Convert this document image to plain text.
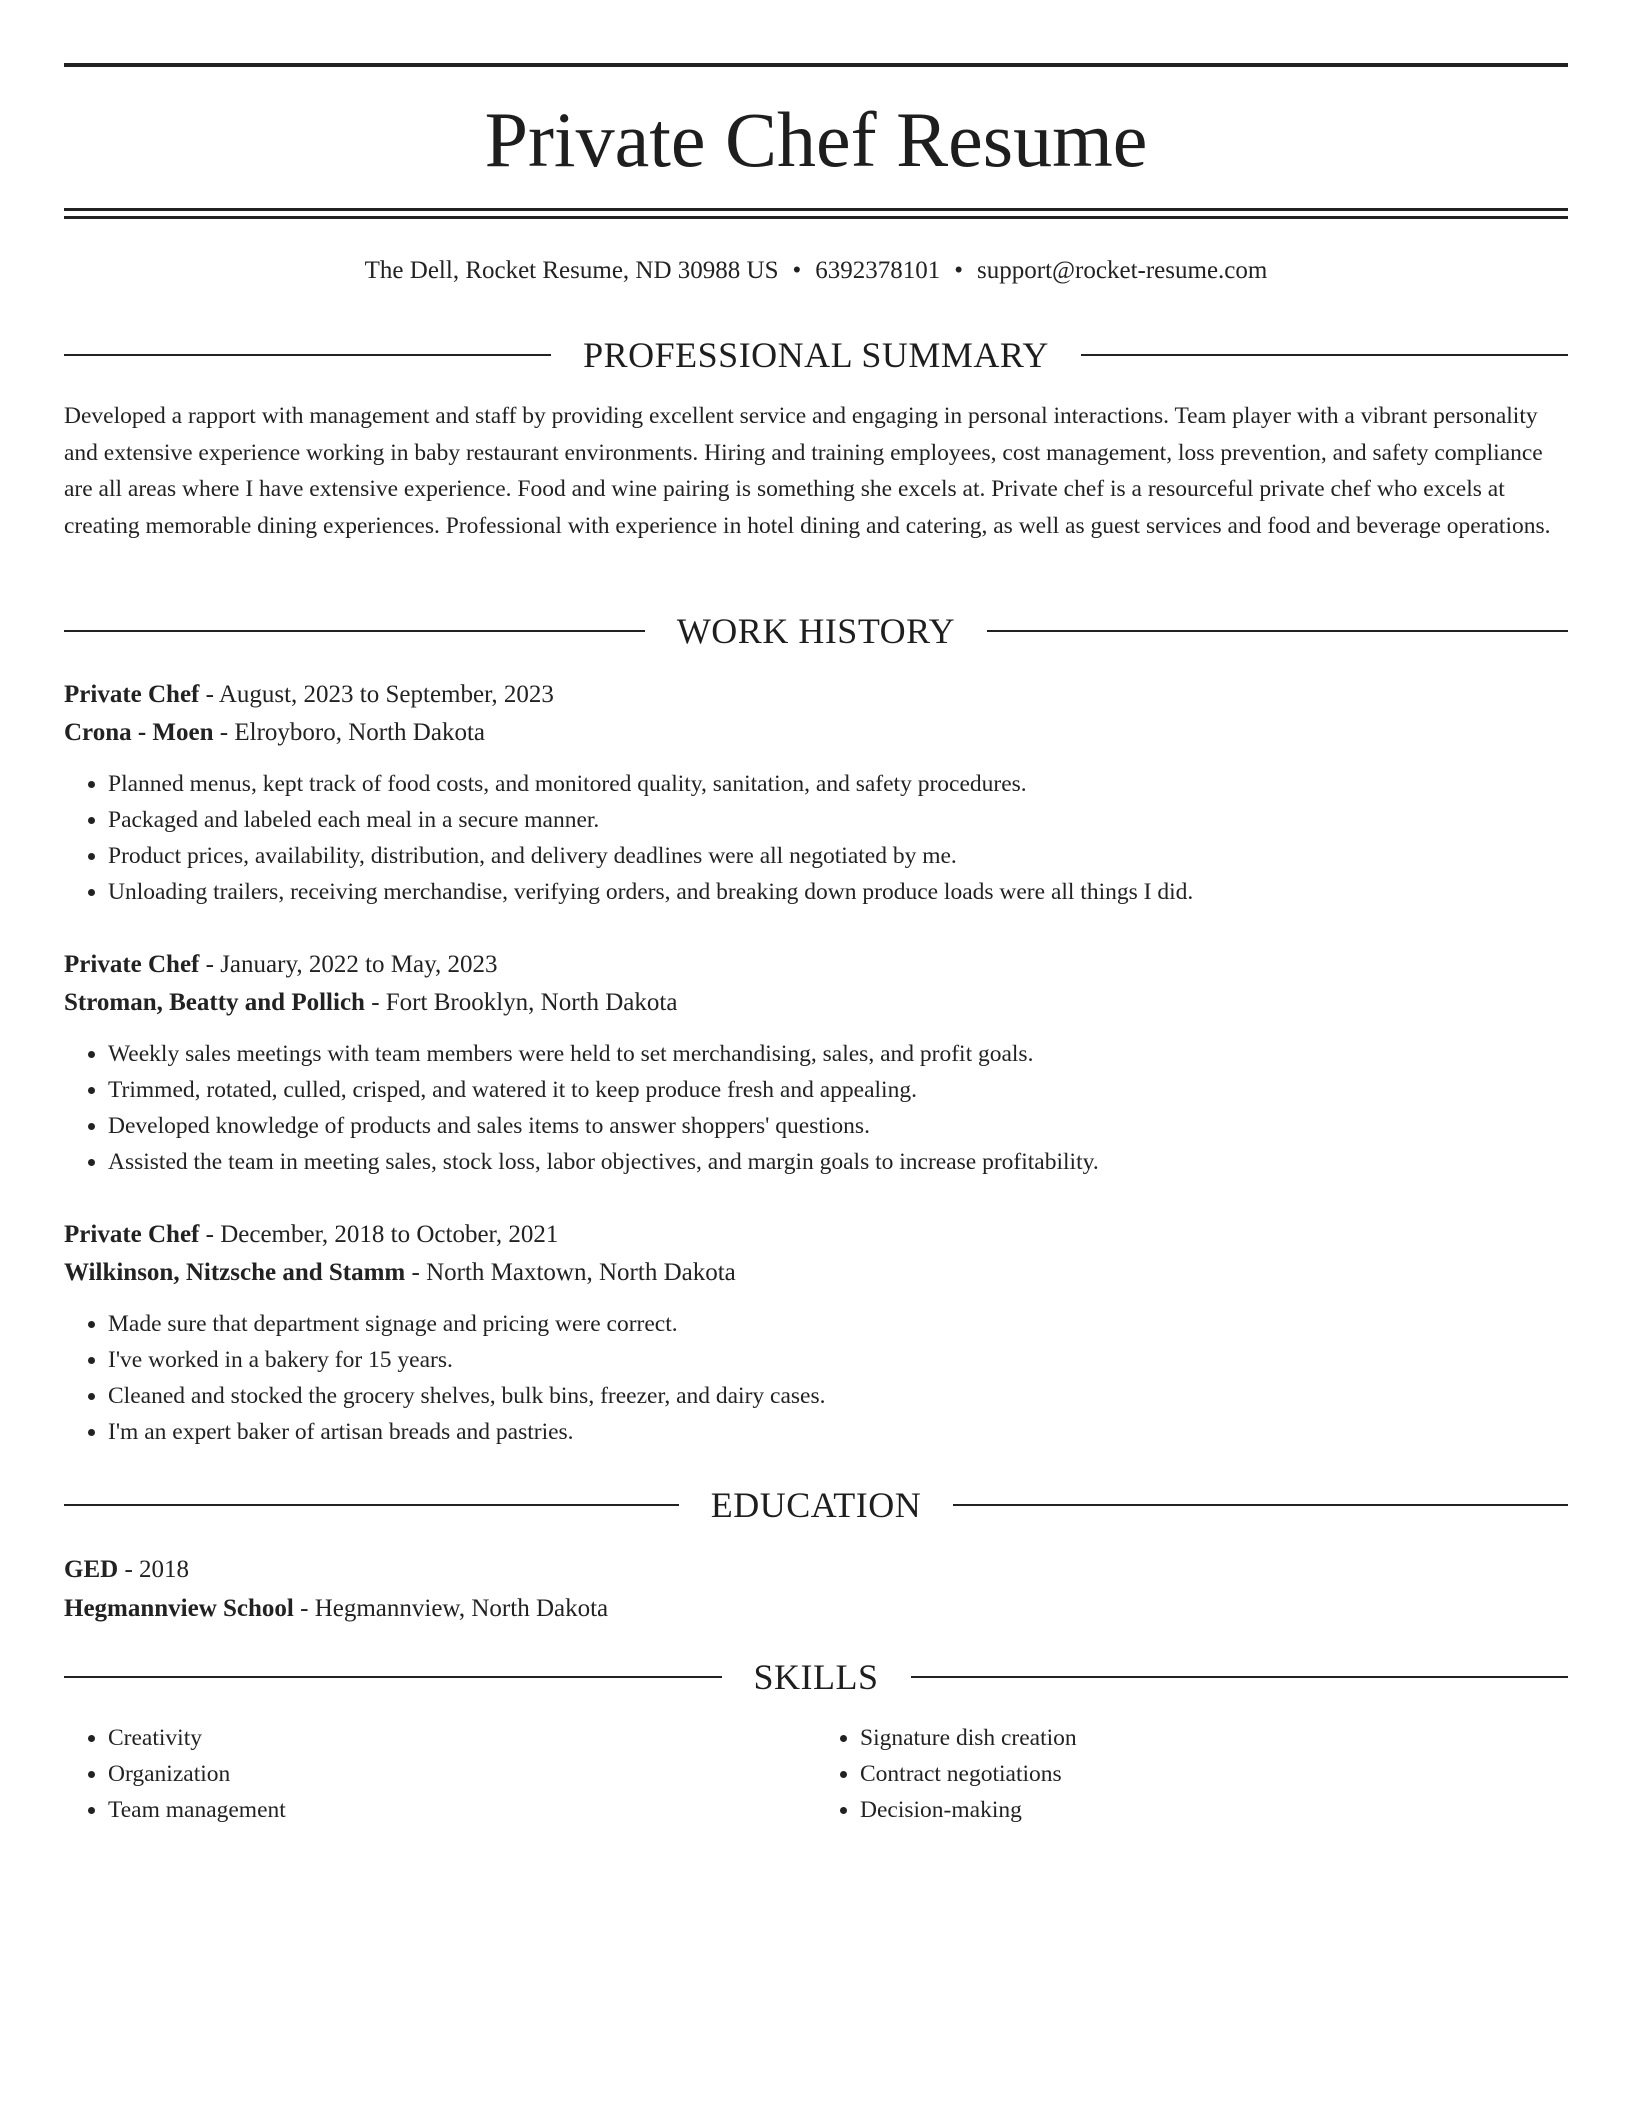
Private Chef Resume
The Dell, Rocket Resume, ND 30988 US • 6392378101 • support@rocket-resume.com
PROFESSIONAL SUMMARY

Developed a rapport with management and staff by providing excellent service and engaging in personal interactions. Team player with a vibrant personality and extensive experience working in baby restaurant environments. Hiring and training employees, cost management, loss prevention, and safety compliance are all areas where I have extensive experience. Food and wine pairing is something she excels at. Private chef is a resourceful private chef who excels at creating memorable dining experiences. Professional with experience in hotel dining and catering, as well as guest services and food and beverage operations.

WORK HISTORY
Private Chef - August, 2023 to September, 2023
Crona - Moen - Elroyboro, North Dakota
• Planned menus, kept track of food costs, and monitored quality, sanitation, and safety procedures.
• Packaged and labeled each meal in a secure manner.
• Product prices, availability, distribution, and delivery deadlines were all negotiated by me.
• Unloading trailers, receiving merchandise, verifying orders, and breaking down produce loads were all things I did.
Private Chef - January, 2022 to May, 2023
Stroman, Beatty and Pollich - Fort Brooklyn, North Dakota
• Weekly sales meetings with team members were held to set merchandising, sales, and profit goals.
• Trimmed, rotated, culled, crisped, and watered it to keep produce fresh and appealing.
• Developed knowledge of products and sales items to answer shoppers' questions.
• Assisted the team in meeting sales, stock loss, labor objectives, and margin goals to increase profitability.
Private Chef - December, 2018 to October, 2021
Wilkinson, Nitzsche and Stamm - North Maxtown, North Dakota
• Made sure that department signage and pricing were correct.
• I've worked in a bakery for 15 years.
• Cleaned and stocked the grocery shelves, bulk bins, freezer, and dairy cases.
• I'm an expert baker of artisan breads and pastries.
EDUCATION
GED - 2018
Hegmannview School - Hegmannview, North Dakota
SKILLS
• Creativity
• Organization
• Team management
• Signature dish creation
• Contract negotiations
• Decision-making
